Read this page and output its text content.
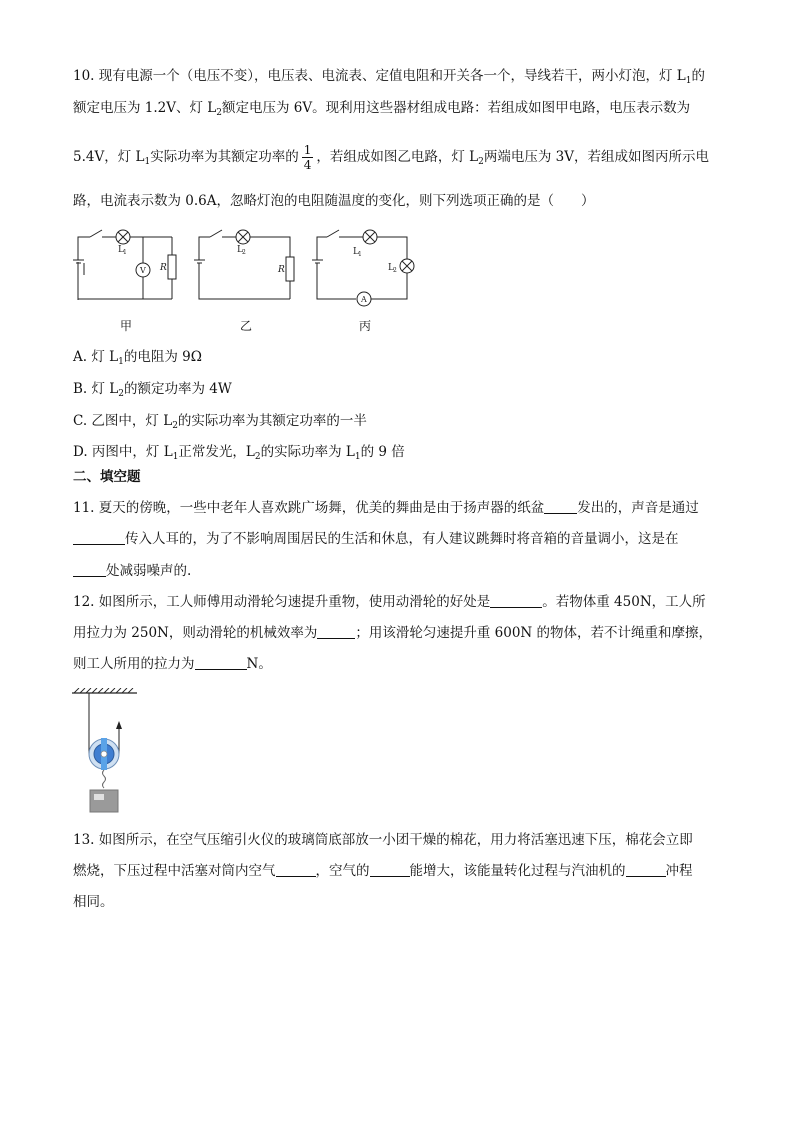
10. 现有电源一个（电压不变），电压表、电流表、定值电阻和开关各一个，导线若干，两小灯泡，灯 $L_1$的
额定电压为 1.2V、灯 $L_2$额定电压为 6V。现利用这些器材组成电路：若组成如图甲电路，电压表示数为
5.4V，灯 $L_1$实际功率为其额定功率的 $\frac{1}{4}$ ，若组成如图乙电路，灯 $L_2$两端电压为 3V，若组成如图丙所示电
路，电流表示数为 0.6A，忽略灯泡的电阻随温度的变化，则下列选项正确的是（　　）
L 1
V R
L 2
R
L 1
L 2
A
甲	乙	丙
A. 灯 $L_1$的电阻为 9Ω
B. 灯 $L_2$的额定功率为 4W
C. 乙图中，灯 $L_2$的实际功率为其额定功率的一半
D. 丙图中，灯 $L_1$正常发光，$L_2$的实际功率为 $L_1$的 9 倍
二、填空题
11. 夏天的傍晚，一些中老年人喜欢跳广场舞，优美的舞曲是由于扬声器的纸盆 发出的，声音是通过
传入人耳的，为了不影响周围居民的生活和休息，有人建议跳舞时将音箱的音量调小，这是在
处减弱噪声的.
12. 如图所示，工人师傅用动滑轮匀速提升重物，使用动滑轮的好处是	。若物体重 450N，工人所
用拉力为 250N，则动滑轮的机械效率为	；用该滑轮匀速提升重 600N 的物体，若不计绳重和摩擦，
则工人所用的拉力为	N。
13. 如图所示，在空气压缩引火仪的玻璃筒底部放一小团干燥的棉花，用力将活塞迅速下压，棉花会立即
燃烧，下压过程中活塞对筒内空气	，空气的	能增大，该能量转化过程与汽油机的	冲程
相同。
